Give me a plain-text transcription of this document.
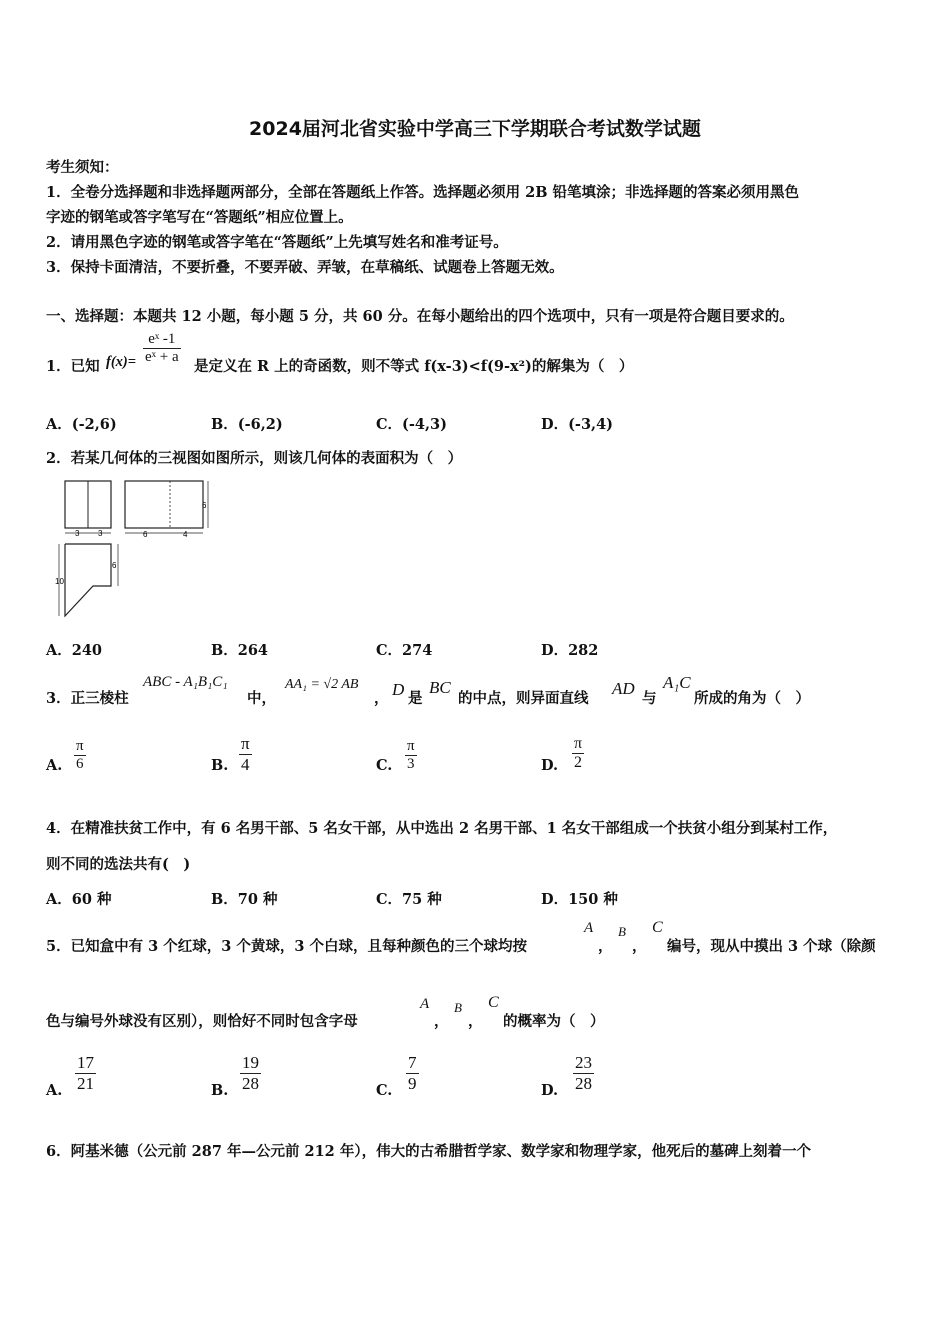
2024届河北省实验中学高三下学期联合考试数学试题
考生须知：
1．全卷分选择题和非选择题两部分，全部在答题纸上作答。选择题必须用 2B 铅笔填涂；非选择题的答案必须用黑色
字迹的钢笔或答字笔写在“答题纸”相应位置上。
2．请用黑色字迹的钢笔或答字笔在“答题纸”上先填写姓名和准考证号。
3．保持卡面清洁，不要折叠，不要弄破、弄皱，在草稿纸、试题卷上答题无效。
一、选择题：本题共 12 小题，每小题 5 分，共 60 分。在每小题给出的四个选项中，只有一项是符合题目要求的。
1．已知 $f(x)= \frac{\text{eˣ -1}}{\text{eˣ + a}}$
是定义在 R 上的奇函数，则不等式 f(x-3)<f(9-x²)的解集为（　）
A．(-2,6)	B．(-6,2)	C．(-4,3)	D．(-3,4)
2．若某几何体的三视图如图所示，则该几何体的表面积为（　）
3 3	6	4
6
6
10
A．240	B．264	C．274	D．282
3．正三棱柱
ABC - A₁B₁C₁
中，
AA₁ = √2 AB
， D 是
BC
的中点，则异面直线
AD
与
A₁C
所成的角为（　）
A. $\frac{\pi}{6}$	B. $\frac{\pi}{4}$	C. $\frac{\pi}{3}$	D. $\frac{\pi}{2}$
4．在精准扶贫工作中，有 6 名男干部、5 名女干部，从中选出 2 名男干部、1 名女干部组成一个扶贫小组分到某村工作，
则不同的选法共有(　)
A．60 种	B．70 种	C．75 种	D．150 种
5．已知盒中有 3 个红球，3 个黄球，3 个白球，且每种颜色的三个球均按
A
，
B
，
C
编号，现从中摸出 3 个球（除颜
色与编号外球没有区别），则恰好不同时包含字母
A
，
B
，
C
的概率为（　）
A. $\frac{17}{21}$	B. $\frac{19}{28}$	C. $\frac{7}{9}$	D. $\frac{23}{28}$
6．阿基米德（公元前 287 年—公元前 212 年），伟大的古希腊哲学家、数学家和物理学家，他死后的墓碑上刻着一个
